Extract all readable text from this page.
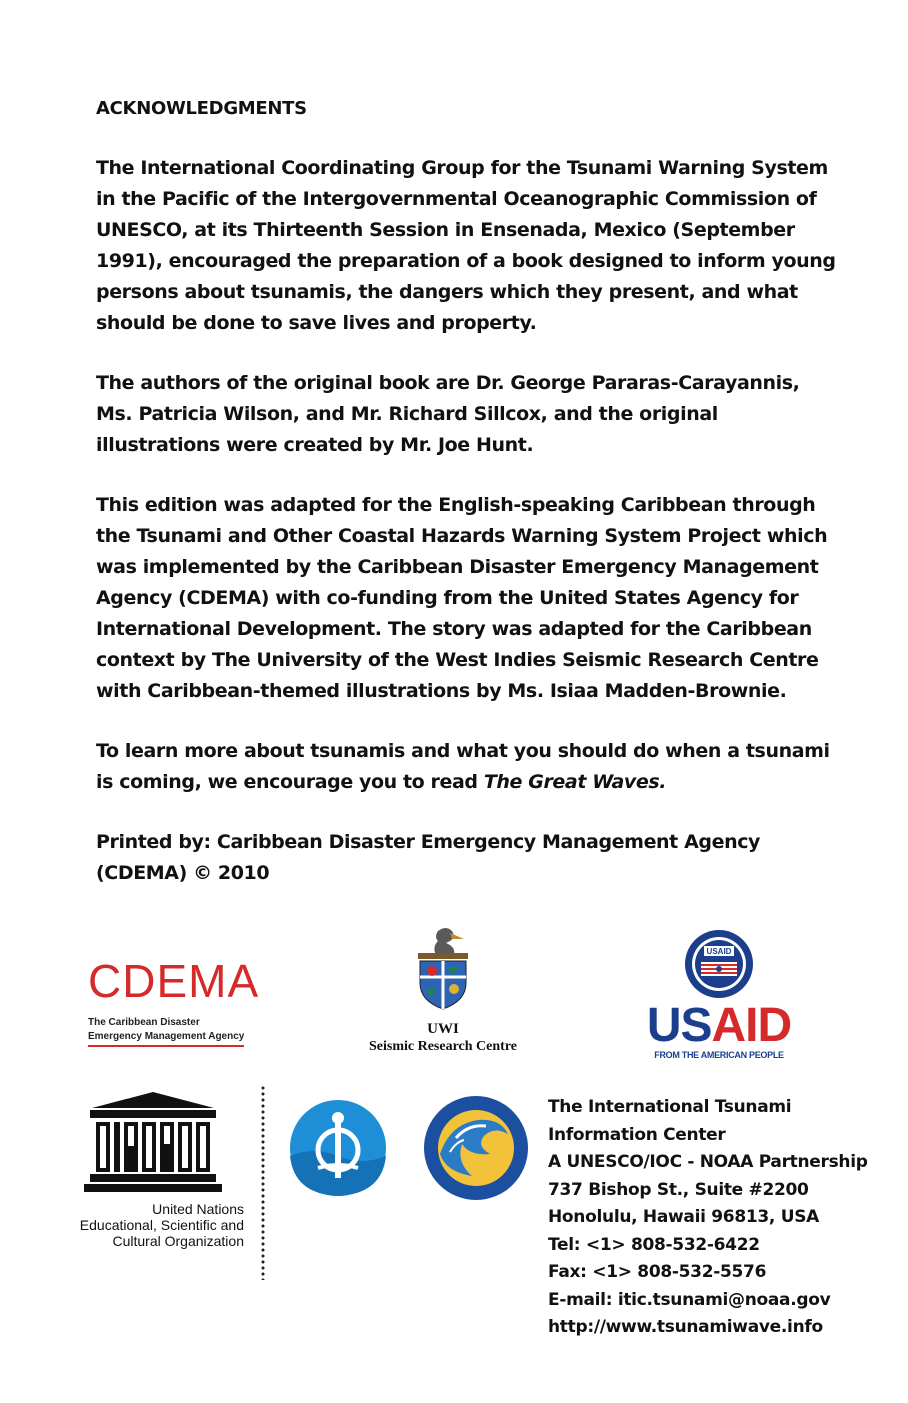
ACKNOWLEDGMENTS

The International Coordinating Group for the Tsunami Warning System in the Pacific of the Intergovernmental Oceanographic Commission of UNESCO, at its Thirteenth Session in Ensenada, Mexico (September 1991), encouraged the preparation of a book designed to inform young persons about tsunamis, the dangers which they present, and what should be done to save lives and property.

The authors of the original book are Dr. George Pararas-Carayannis, Ms. Patricia Wilson, and Mr. Richard Sillcox, and the original illustrations were created by Mr. Joe Hunt.

This edition was adapted for the English-speaking Caribbean through the Tsunami and Other Coastal Hazards Warning System Project which was implemented by the Caribbean Disaster Emergency Management Agency (CDEMA) with co-funding from the United States Agency for International Development. The story was adapted for the Caribbean context by The University of the West Indies Seismic Research Centre with Caribbean-themed illustrations by Ms. Isiaa Madden-Brownie.

To learn more about tsunamis and what you should do when a tsunami is coming, we encourage you to read The Great Waves.

Printed by: Caribbean Disaster Emergency Management Agency
(CDEMA) © 2010

CDEMA
The Caribbean Disaster
Emergency Management Agency	UWI
Seismic Research Centre
USAID
USAID
FROM THE AMERICAN PEOPLE
United Nations
Educational, Scientific and
Cultural Organization
The International Tsunami
Information Center
A UNESCO/IOC - NOAA Partnership
737 Bishop St., Suite #2200
Honolulu, Hawaii 96813, USA
Tel: <1> 808-532-6422
Fax: <1> 808-532-5576
E-mail: itic.tsunami@noaa.gov
http://www.tsunamiwave.info
